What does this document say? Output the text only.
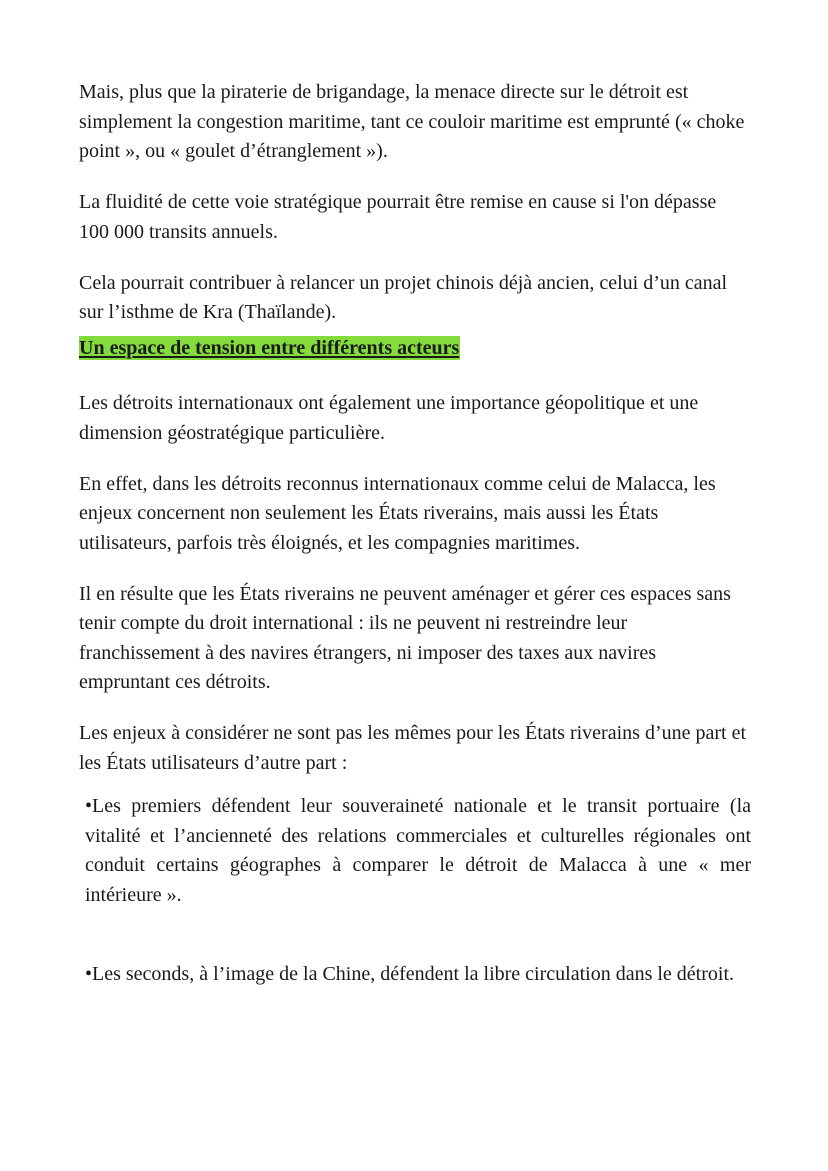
Mais, plus que la piraterie de brigandage, la menace directe sur le détroit est simplement la congestion maritime, tant ce couloir maritime est emprunté (« choke point », ou « goulet d’étranglement »).

La fluidité de cette voie stratégique pourrait être remise en cause si l'on dépasse 100 000 transits annuels.

Cela pourrait contribuer à relancer un projet chinois déjà ancien, celui d’un canal sur l’isthme de Kra (Thaïlande).

Un espace de tension entre différents acteurs

Les détroits internationaux ont également une importance géopolitique et une dimension géostratégique particulière.

En effet, dans les détroits reconnus internationaux comme celui de Malacca, les enjeux concernent non seulement les États riverains, mais aussi les États utilisateurs, parfois très éloignés, et les compagnies maritimes.

Il en résulte que les États riverains ne peuvent aménager et gérer ces espaces sans tenir compte du droit international : ils ne peuvent ni restreindre leur franchissement à des navires étrangers, ni imposer des taxes aux navires empruntant ces détroits.

Les enjeux à considérer ne sont pas les mêmes pour les États riverains d’une part et les États utilisateurs d’autre part :

•Les premiers défendent leur souveraineté nationale et le transit portuaire (la vitalité et l’ancienneté des relations commerciales et culturelles régionales ont conduit certains géographes à comparer le détroit de Malacca à une « mer intérieure ».

•Les seconds, à l’image de la Chine, défendent la libre circulation dans le détroit.
